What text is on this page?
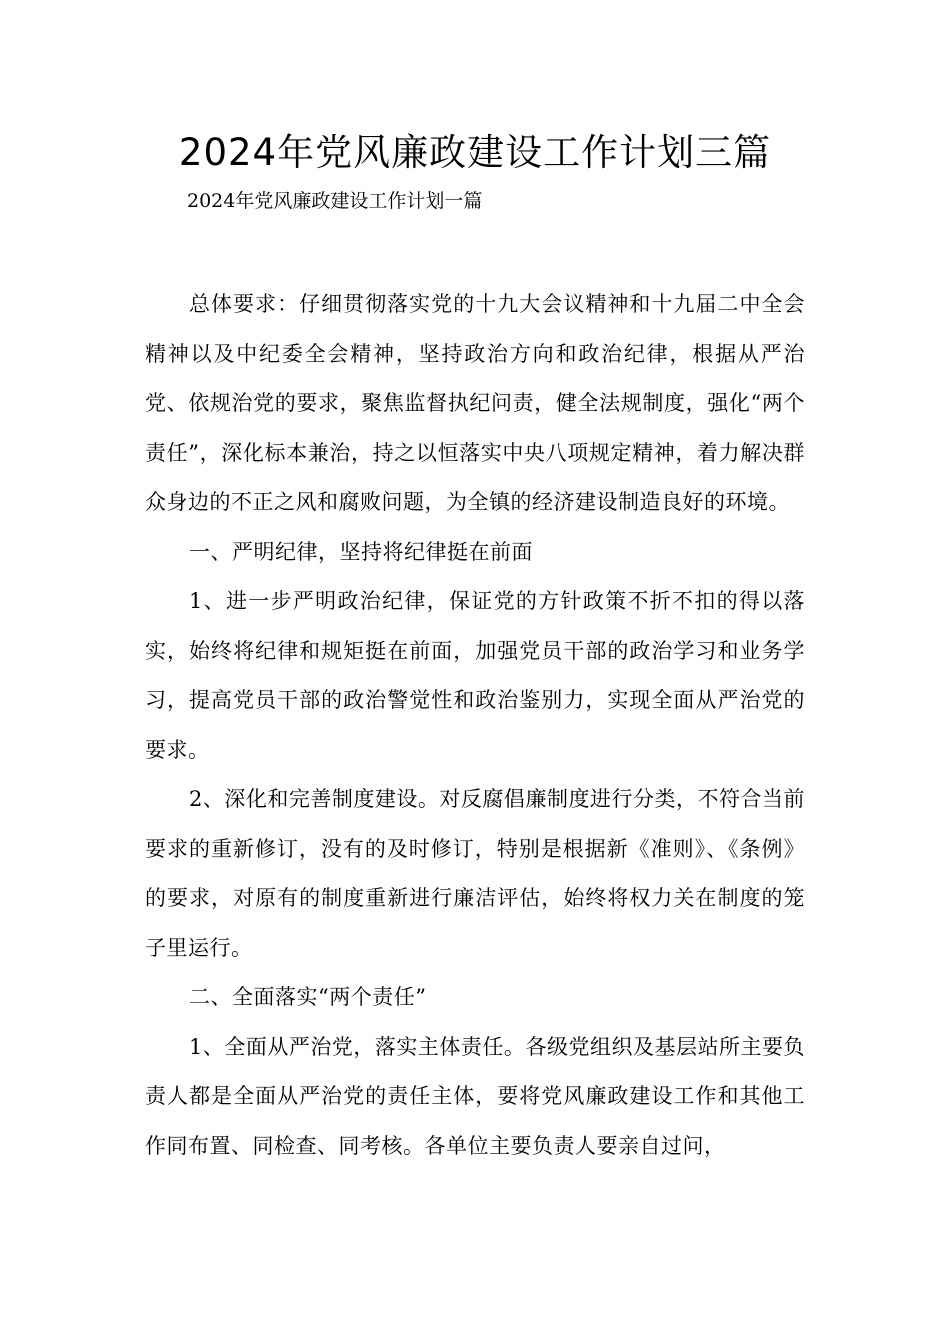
2024年党风廉政建设工作计划三篇
2024年党风廉政建设工作计划一篇

总体要求：仔细贯彻落实党的十九大会议精神和十九届二中全会精神以及中纪委全会精神，坚持政治方向和政治纪律，根据从严治党、依规治党的要求，聚焦监督执纪问责，健全法规制度，强化“两个责任”，深化标本兼治，持之以恒落实中央八项规定精神，着力解决群众身边的不正之风和腐败问题，为全镇的经济建设制造良好的环境。

一、严明纪律，坚持将纪律挺在前面

1、进一步严明政治纪律，保证党的方针政策不折不扣的得以落实，始终将纪律和规矩挺在前面，加强党员干部的政治学习和业务学习，提高党员干部的政治警觉性和政治鉴别力，实现全面从严治党的要求。

2、深化和完善制度建设。对反腐倡廉制度进行分类，不符合当前要求的重新修订，没有的及时修订，特别是根据新《准则》、《条例》的要求，对原有的制度重新进行廉洁评估，始终将权力关在制度的笼子里运行。

二、全面落实“两个责任”

1、全面从严治党，落实主体责任。各级党组织及基层站所主要负责人都是全面从严治党的责任主体，要将党风廉政建设工作和其他工作同布置、同检查、同考核。各单位主要负责人要亲自过问，
